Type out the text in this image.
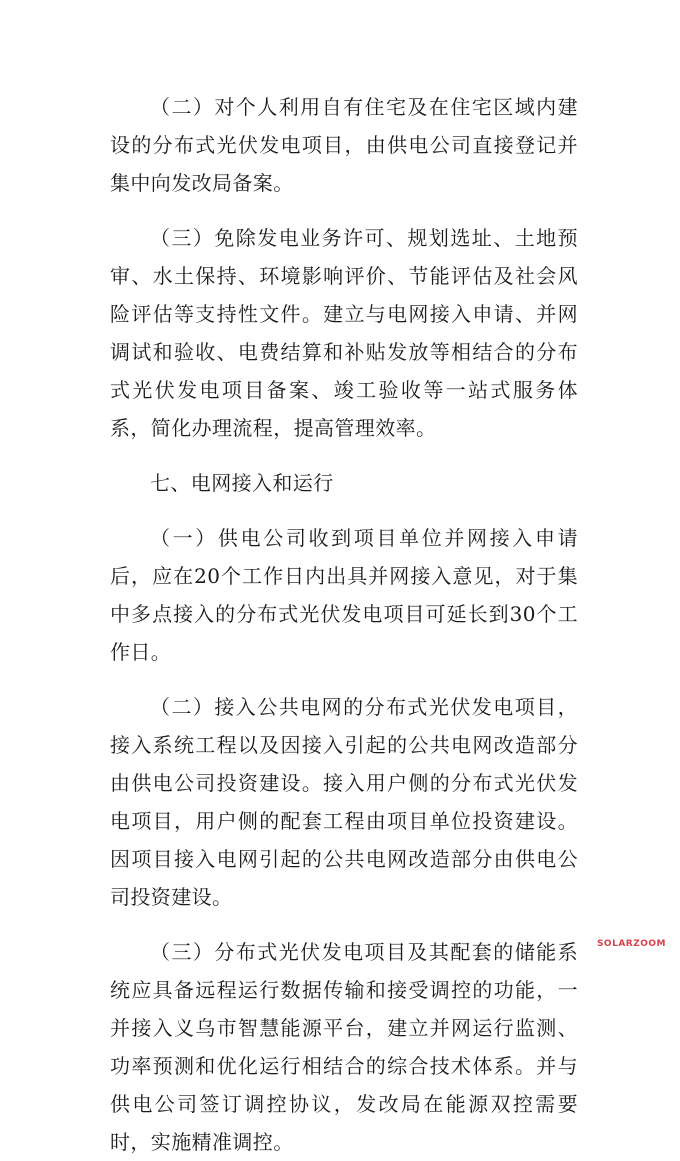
（二）对个人利用自有住宅及在住宅区域内建设的分布式光伏发电项目，由供电公司直接登记并集中向发改局备案。

（三）免除发电业务许可、规划选址、土地预审、水土保持、环境影响评价、节能评估及社会风险评估等支持性文件。建立与电网接入申请、并网调试和验收、电费结算和补贴发放等相结合的分布式光伏发电项目备案、竣工验收等一站式服务体系，简化办理流程，提高管理效率。

七、电网接入和运行

（一）供电公司收到项目单位并网接入申请后，应在20个工作日内出具并网接入意见，对于集中多点接入的分布式光伏发电项目可延长到30个工作日。

（二）接入公共电网的分布式光伏发电项目，接入系统工程以及因接入引起的公共电网改造部分由供电公司投资建设。接入用户侧的分布式光伏发电项目，用户侧的配套工程由项目单位投资建设。因项目接入电网引起的公共电网改造部分由供电公司投资建设。

（三）分布式光伏发电项目及其配套的储能系统应具备远程运行数据传输和接受调控的功能，一并接入义乌市智慧能源平台，建立并网运行监测、功率预测和优化运行相结合的综合技术体系。并与供电公司签订调控协议，发改局在能源双控需要时，实施精准调控。

SOLARZOOM
